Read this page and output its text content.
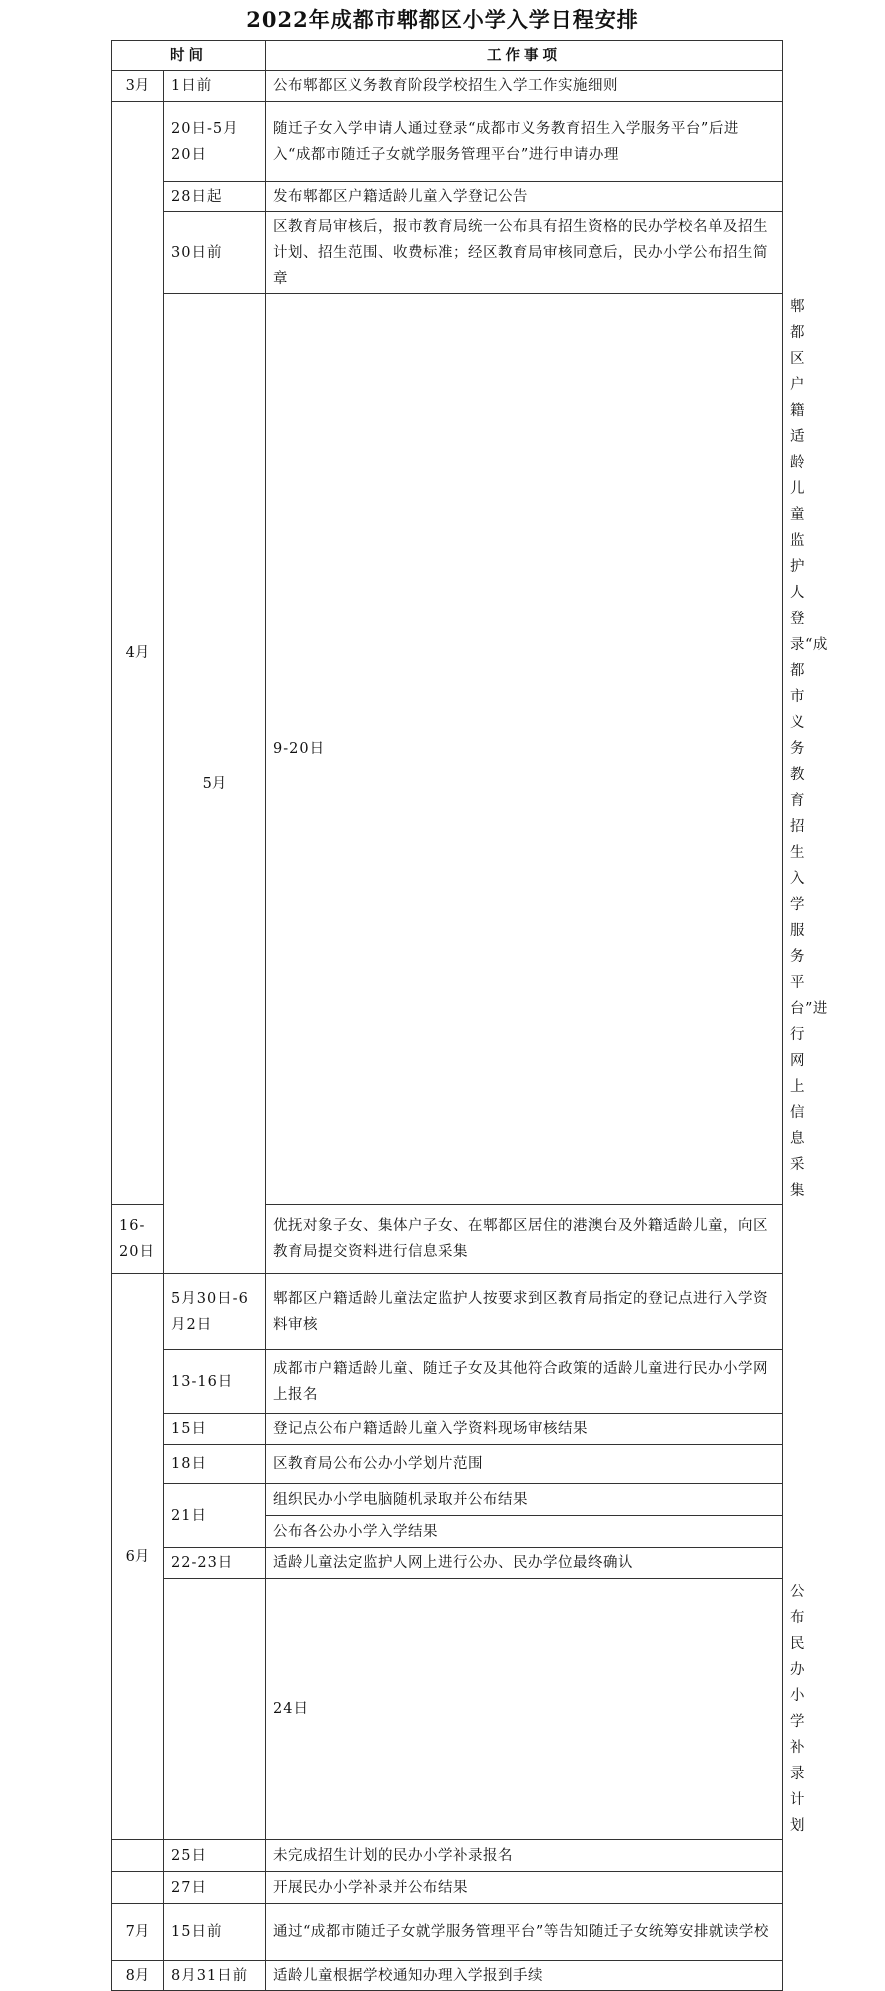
2022年成都市郫都区小学入学日程安排
时间		工作事项	
3月	1日前	公布郫都区义务教育阶段学校招生入学工作实施细则	
4月	20日-5月20日	随迁子女入学申请人通过登录“成都市义务教育招生入学服务平台”后进入“成都市随迁子女就学服务管理平台”进行申请办理	
	28日起	发布郫都区户籍适龄儿童入学登记公告	
	30日前	区教育局审核后，报市教育局统一公布具有招生资格的民办学校名单及招生计划、招生范围、收费标准；经区教育局审核同意后，民办小学公布招生简章	
	5月	9-20日	郫都区户籍适龄儿童监护人登录“成都市义务教育招生入学服务平台”进行网上信息采集
16-20日		优抚对象子女、集体户子女、在郫都区居住的港澳台及外籍适龄儿童，向区教育局提交资料进行信息采集	
6月	5月30日-6月2日	郫都区户籍适龄儿童法定监护人按要求到区教育局指定的登记点进行入学资料审核	
	13-16日	成都市户籍适龄儿童、随迁子女及其他符合政策的适龄儿童进行民办小学网上报名	
	15日	登记点公布户籍适龄儿童入学资料现场审核结果	
	18日	区教育局公布公办小学划片范围	
	21日	组织民办小学电脑随机录取并公布结果	
		公布各公办小学入学结果	
	22-23日	适龄儿童法定监护人网上进行公办、民办学位最终确认	
		24日	公布民办小学补录计划
	25日	未完成招生计划的民办小学补录报名	
	27日	开展民办小学补录并公布结果	
7月	15日前	通过“成都市随迁子女就学服务管理平台”等告知随迁子女统筹安排就读学校	
8月	8月31日前	适龄儿童根据学校通知办理入学报到手续	
